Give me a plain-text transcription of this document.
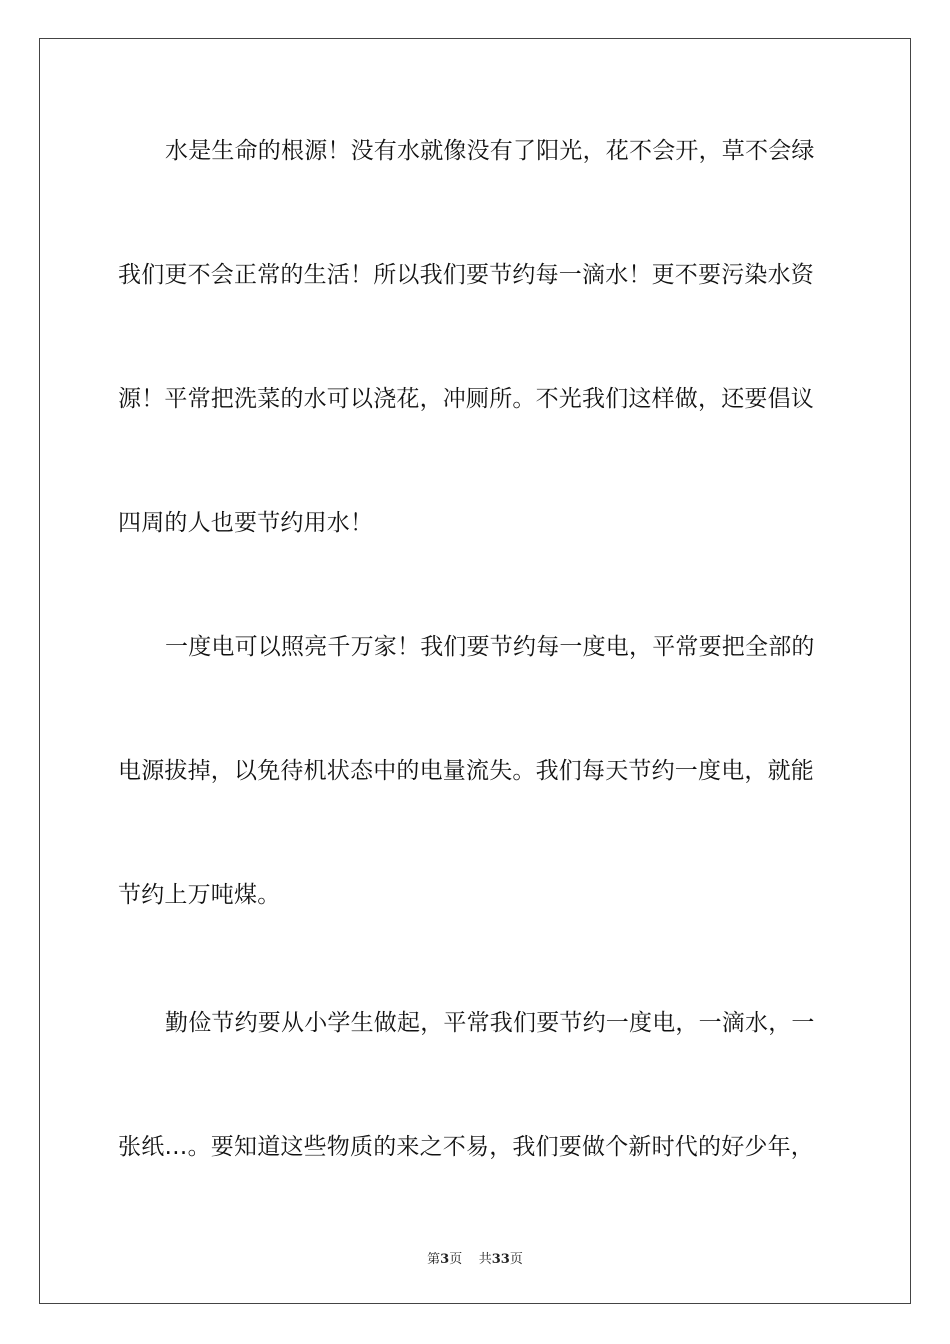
水是生命的根源！没有水就像没有了阳光，花不会开，草不会绿
我们更不会正常的生活！所以我们要节约每一滴水！更不要污染水资
源！平常把洗菜的水可以浇花，冲厕所。不光我们这样做，还要倡议
四周的人也要节约用水！
一度电可以照亮千万家！我们要节约每一度电，平常要把全部的
电源拔掉，以免待机状态中的电量流失。我们每天节约一度电，就能
节约上万吨煤。
勤俭节约要从小学生做起，平常我们要节约一度电，一滴水，一
张纸…。要知道这些物质的来之不易，我们要做个新时代的好少年，
第3页 共33页
